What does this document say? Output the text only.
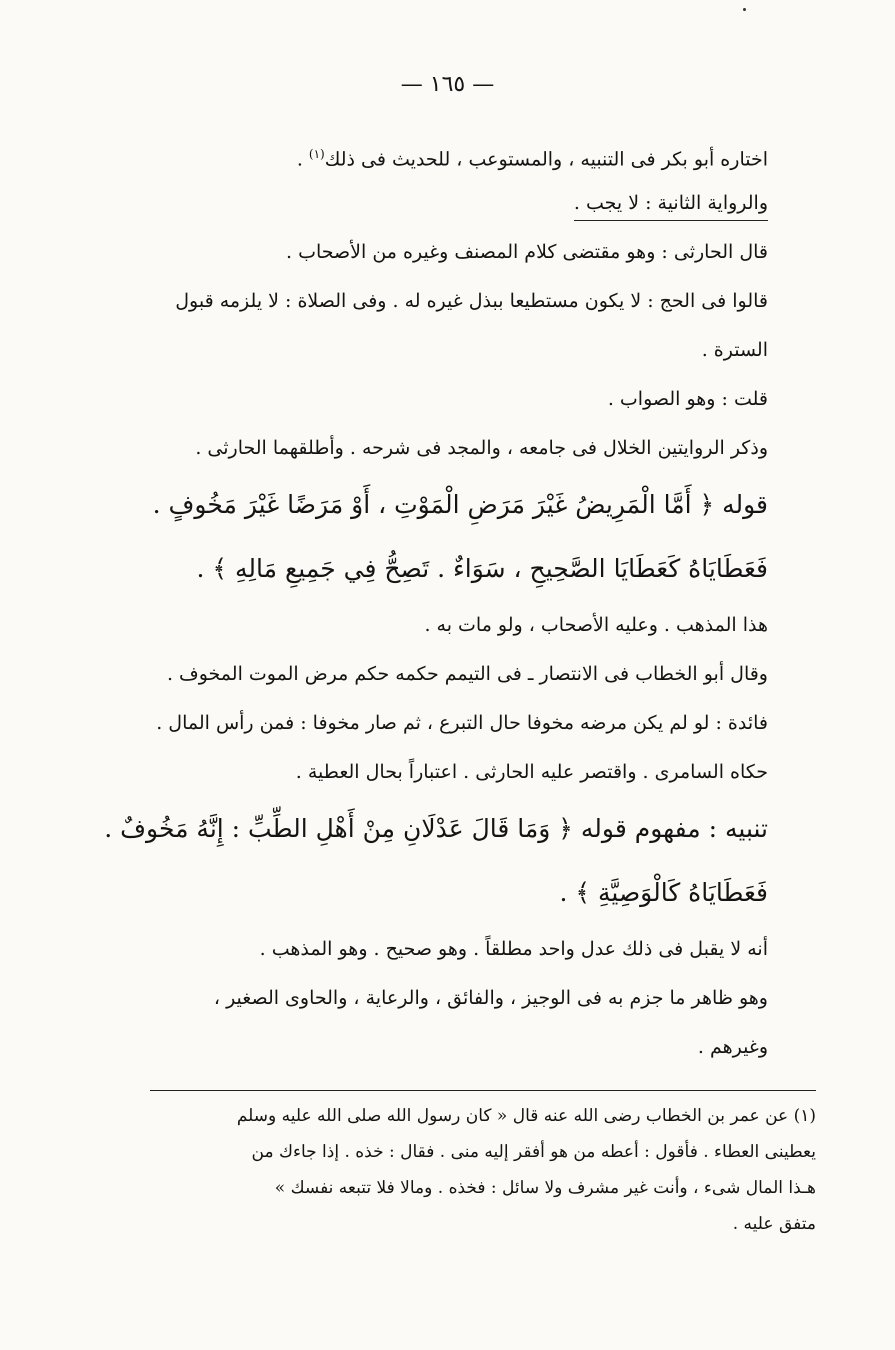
— ١٦٥ —
اختاره أبو بكر فى التنبيه ، والمستوعب ، للحديث فى ذلك$^{(١)}$ .
والرواية الثانية : لا يجب .
قال الحارثى : وهو مقتضى كلام المصنف وغيره من الأصحاب .
قالوا فى الحج : لا يكون مستطيعا ببذل غيره له . وفى الصلاة : لا يلزمه قبول
السترة .
قلت : وهو الصواب .
وذكر الروايتين الخلال فى جامعه ، والمجد فى شرحه . وأطلقهما الحارثى .
قوله ﴿ أَمَّا الْمَرِيضُ غَيْرَ مَرَضِ الْمَوْتِ ، أَوْ مَرَضًا غَيْرَ مَخُوفٍ .
فَعَطَايَاهُ كَعَطَايَا الصَّحِيحِ ، سَوَاءٌ . تَصِحُّ فِي جَمِيعِ مَالِهِ ﴾ .
هذا المذهب . وعليه الأصحاب ، ولو مات به .
وقال أبو الخطاب فى الانتصار ـ فى التيمم حكمه حكم مرض الموت المخوف .
فائدة : لو لم يكن مرضه مخوفا حال التبرع ، ثم صار مخوفا : فمن رأس المال .
حكاه السامرى . واقتصر عليه الحارثى . اعتباراً بحال العطية .
تنبيه : مفهوم قوله ﴿ وَمَا قَالَ عَدْلَانِ مِنْ أَهْلِ الطِّبِّ : إِنَّهُ مَخُوفٌ .
فَعَطَايَاهُ كَالْوَصِيَّةِ ﴾ .
أنه لا يقبل فى ذلك عدل واحد مطلقاً . وهو صحيح . وهو المذهب .
وهو ظاهر ما جزم به فى الوجيز ، والفائق ، والرعاية ، والحاوى الصغير ،
وغيرهم .
(١) عن عمر بن الخطاب رضى الله عنه قال « كان رسول الله صلى الله عليه وسلم
يعطينى العطاء . فأقول : أعطه من هو أفقر إليه منى . فقال : خذه . إذا جاءك من
هـذا المال شىء ، وأنت غير مشرف ولا سائل : فخذه . ومالا فلا تتبعه نفسك »
متفق عليه .
